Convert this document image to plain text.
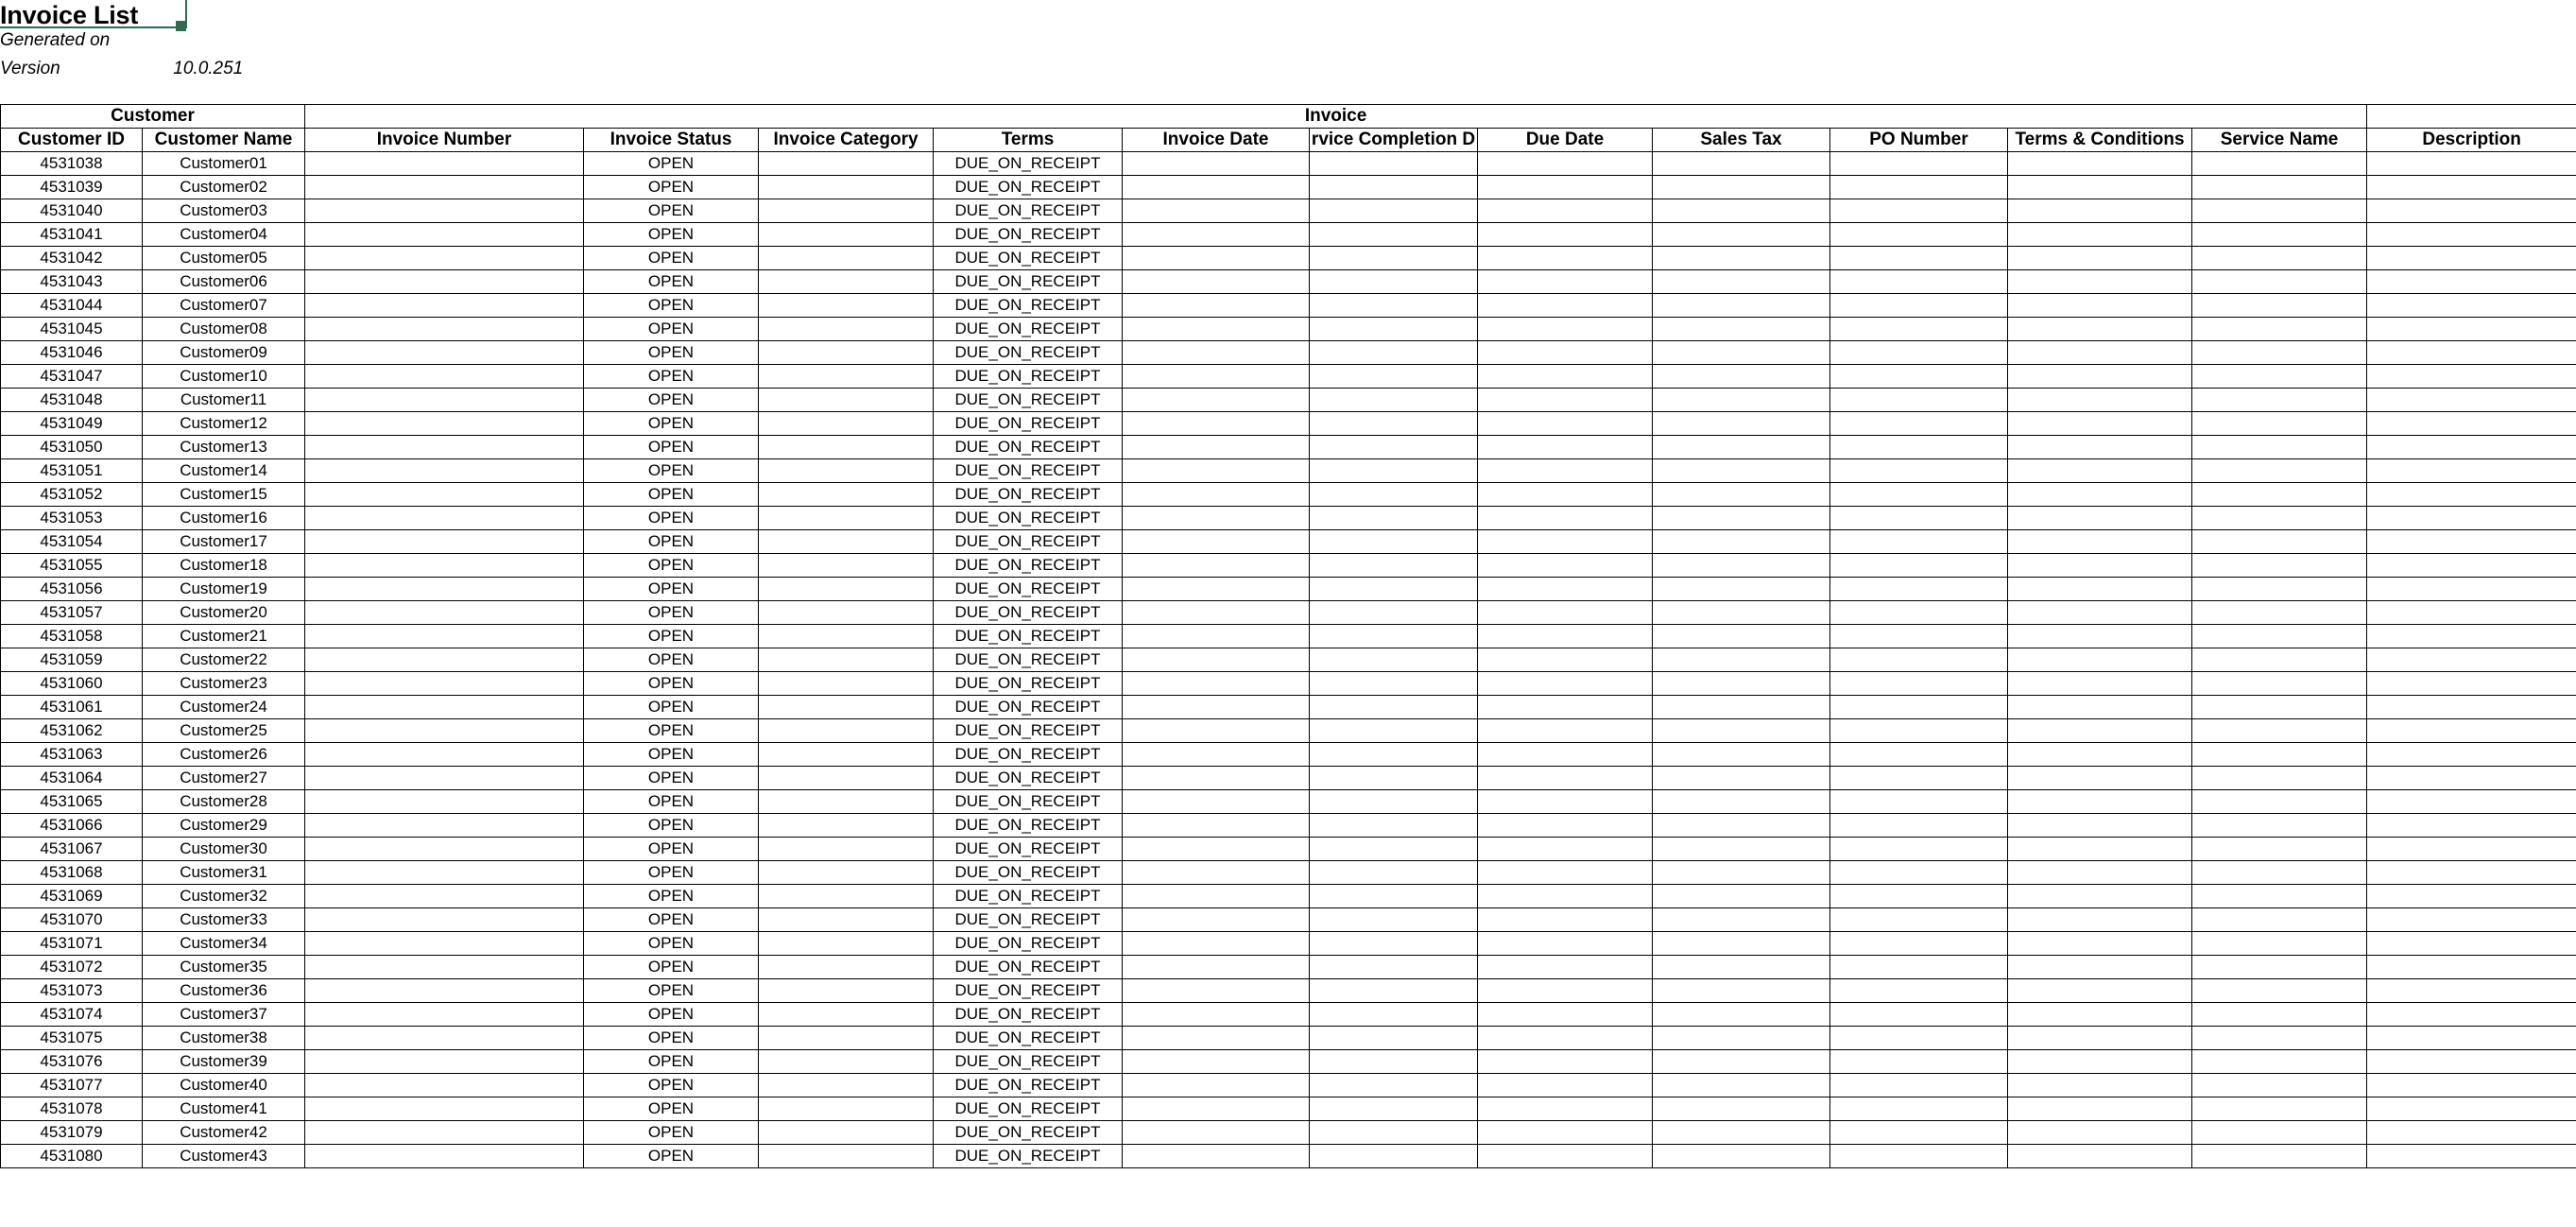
Invoice List
Generated on
Version	10.0.251
Customer		Invoice											
Customer ID	Customer Name	Invoice Number	Invoice Status	Invoice Category	Terms	Invoice Date	rvice Completion D	Due Date	Sales Tax	PO Number	Terms & Conditions	Service Name	Description
4531038	Customer01		OPEN		DUE_ON_RECEIPT								
4531039	Customer02		OPEN		DUE_ON_RECEIPT								
4531040	Customer03		OPEN		DUE_ON_RECEIPT								
4531041	Customer04		OPEN		DUE_ON_RECEIPT								
4531042	Customer05		OPEN		DUE_ON_RECEIPT								
4531043	Customer06		OPEN		DUE_ON_RECEIPT								
4531044	Customer07		OPEN		DUE_ON_RECEIPT								
4531045	Customer08		OPEN		DUE_ON_RECEIPT								
4531046	Customer09		OPEN		DUE_ON_RECEIPT								
4531047	Customer10		OPEN		DUE_ON_RECEIPT								
4531048	Customer11		OPEN		DUE_ON_RECEIPT								
4531049	Customer12		OPEN		DUE_ON_RECEIPT								
4531050	Customer13		OPEN		DUE_ON_RECEIPT								
4531051	Customer14		OPEN		DUE_ON_RECEIPT								
4531052	Customer15		OPEN		DUE_ON_RECEIPT								
4531053	Customer16		OPEN		DUE_ON_RECEIPT								
4531054	Customer17		OPEN		DUE_ON_RECEIPT								
4531055	Customer18		OPEN		DUE_ON_RECEIPT								
4531056	Customer19		OPEN		DUE_ON_RECEIPT								
4531057	Customer20		OPEN		DUE_ON_RECEIPT								
4531058	Customer21		OPEN		DUE_ON_RECEIPT								
4531059	Customer22		OPEN		DUE_ON_RECEIPT								
4531060	Customer23		OPEN		DUE_ON_RECEIPT								
4531061	Customer24		OPEN		DUE_ON_RECEIPT								
4531062	Customer25		OPEN		DUE_ON_RECEIPT								
4531063	Customer26		OPEN		DUE_ON_RECEIPT								
4531064	Customer27		OPEN		DUE_ON_RECEIPT								
4531065	Customer28		OPEN		DUE_ON_RECEIPT								
4531066	Customer29		OPEN		DUE_ON_RECEIPT								
4531067	Customer30		OPEN		DUE_ON_RECEIPT								
4531068	Customer31		OPEN		DUE_ON_RECEIPT								
4531069	Customer32		OPEN		DUE_ON_RECEIPT								
4531070	Customer33		OPEN		DUE_ON_RECEIPT								
4531071	Customer34		OPEN		DUE_ON_RECEIPT								
4531072	Customer35		OPEN		DUE_ON_RECEIPT								
4531073	Customer36		OPEN		DUE_ON_RECEIPT								
4531074	Customer37		OPEN		DUE_ON_RECEIPT								
4531075	Customer38		OPEN		DUE_ON_RECEIPT								
4531076	Customer39		OPEN		DUE_ON_RECEIPT								
4531077	Customer40		OPEN		DUE_ON_RECEIPT								
4531078	Customer41		OPEN		DUE_ON_RECEIPT								
4531079	Customer42		OPEN		DUE_ON_RECEIPT								
4531080	Customer43		OPEN		DUE_ON_RECEIPT								
